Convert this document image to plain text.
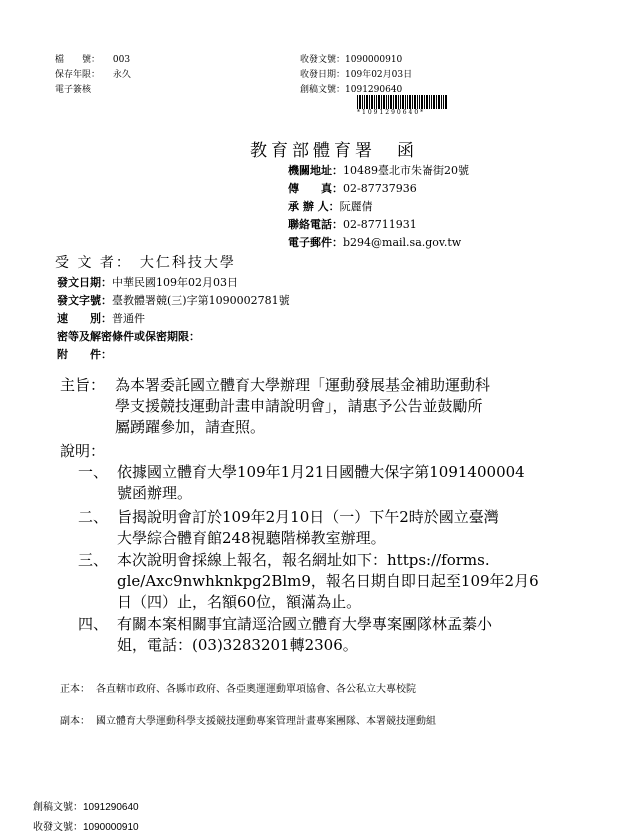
檔　　號： 003
保存年限： 永久
電子簽核
收發文號：1090000910
收發日期：109年02月03日
創稿文號：1091290640
*1091290640*
教育部體育署　函
機關地址：10489臺北市朱崙街20號
傳　　真：02-87737936
承 辦 人：阮麗倩
聯絡電話：02-87711931
電子郵件：b294@mail.sa.gov.tw
受 文 者： 大仁科技大學
發文日期：中華民國109年02月03日
發文字號：臺教體署競(三)字第1090002781號
速　　別：普通件
密等及解密條件或保密期限：
附　　件：
主旨： 為本署委託國立體育大學辦理「運動發展基金補助運動科
學支援競技運動計畫申請說明會」，請惠予公告並鼓勵所
屬踴躍參加，請查照。
說明：
一、 依據國立體育大學109年1月21日國體大保字第1091400004
號函辦理。
二、 旨揭說明會訂於109年2月10日（一）下午2時於國立臺灣
大學綜合體育館248視聽階梯教室辦理。
三、 本次說明會採線上報名，報名網址如下：https://forms.
gle/Axc9nwhknkpg2Blm9，報名日期自即日起至109年2月6
日（四）止，名額60位，額滿為止。
四、 有關本案相關事宜請逕洽國立體育大學專案團隊林孟蓁小
姐，電話：(03)3283201轉2306。
正本： 各直轄市政府、各縣市政府、各亞奧運運動單項協會、各公私立大專校院
副本： 國立體育大學運動科學支援競技運動專案管理計畫專案團隊、本署競技運動組
創稿文號：1091290640
收發文號：1090000910
